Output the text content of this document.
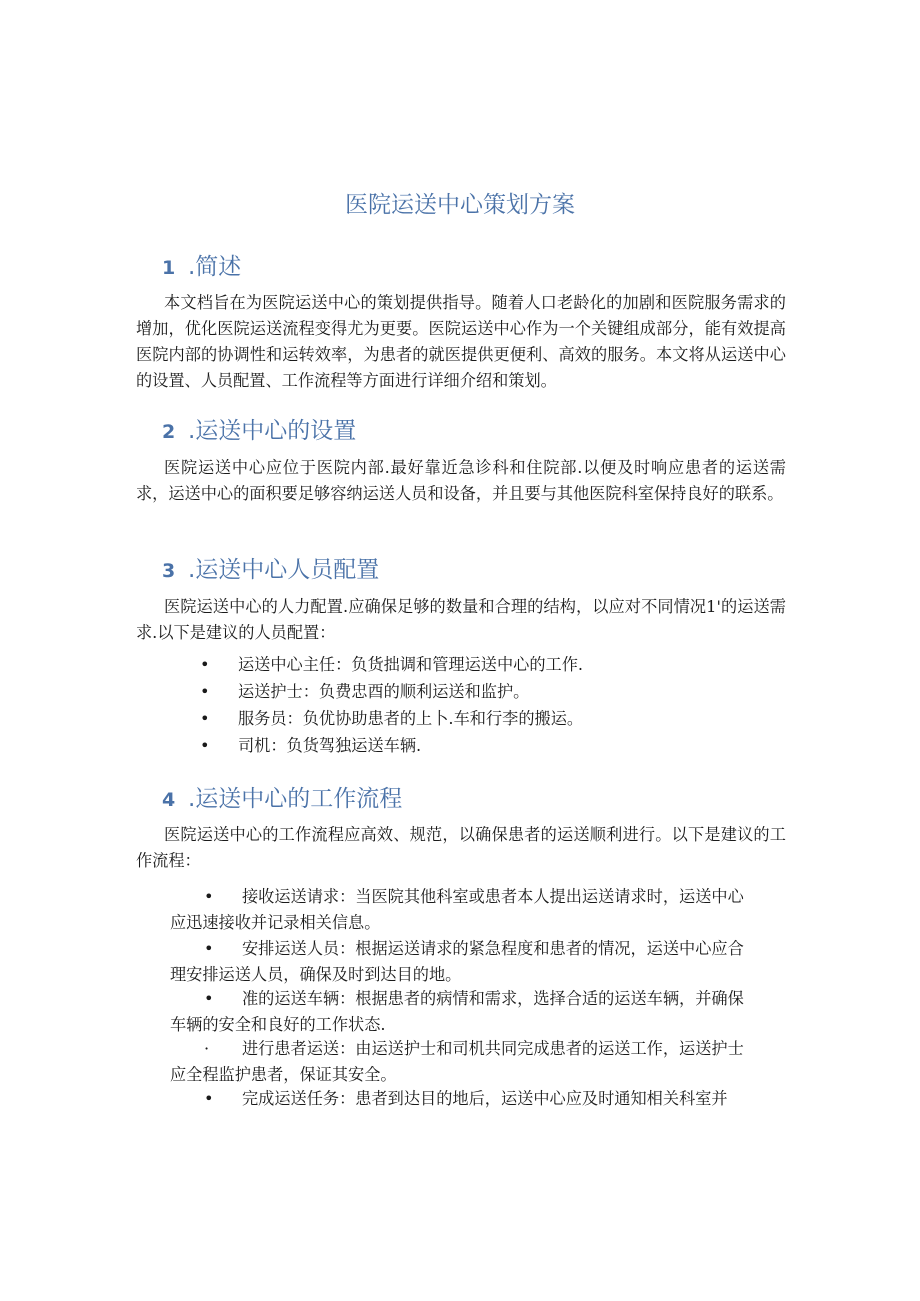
医院运送中心策划方案
1 .简述

本文档旨在为医院运送中心的策划提供指导。随着人口老龄化的加剧和医院服务需求的增加，优化医院运送流程变得尤为更要。医院运送中心作为一个关键组成部分，能有效提高医院内部的协调性和运转效率，为患者的就医提供更便利、高效的服务。本文将从运送中心的设置、人员配置、工作流程等方面进行详细介绍和策划。

2 .运送中心的设置

医院运送中心应位于医院内部.最好靠近急诊科和住院部.以便及时响应患者的运送需求，运送中心的面积要足够容纳运送人员和设备，并且要与其他医院科室保持良好的联系。

3 .运送中心人员配置

医院运送中心的人力配置.应确保足够的数量和合理的结构，以应对不同情况1'的运送需求.以下是建议的人员配置：

• 运送中心主任：负货拙调和管理运送中心的工作.
• 运送护士：负费忠酉的顺利运送和监护。
• 服务员：负优协助患者的上卜.车和行李的搬运。
• 司机：负货驾独运送车辆.
4 .运送中心的工作流程

医院运送中心的工作流程应高效、规范，以确保患者的运送顺利进行。以下是建议的工作流程：

• 接收运送请求：当医院其他科室或患者本人提出运送请求时，运送中心应迅速接收并记录相关信息。

• 安排运送人员：根据运送请求的紧急程度和患者的情况，运送中心应合理安排运送人员，确保及时到达目的地。

• 准的运送车辆：根据患者的病情和需求，选择合适的运送车辆，并确保车辆的安全和良好的工作状态.

· 进行患者运送：由运送护士和司机共同完成患者的运送工作，运送护士应全程监护患者，保证其安全。

• 完成运送任务：患者到达目的地后，运送中心应及时通知相关科室并
